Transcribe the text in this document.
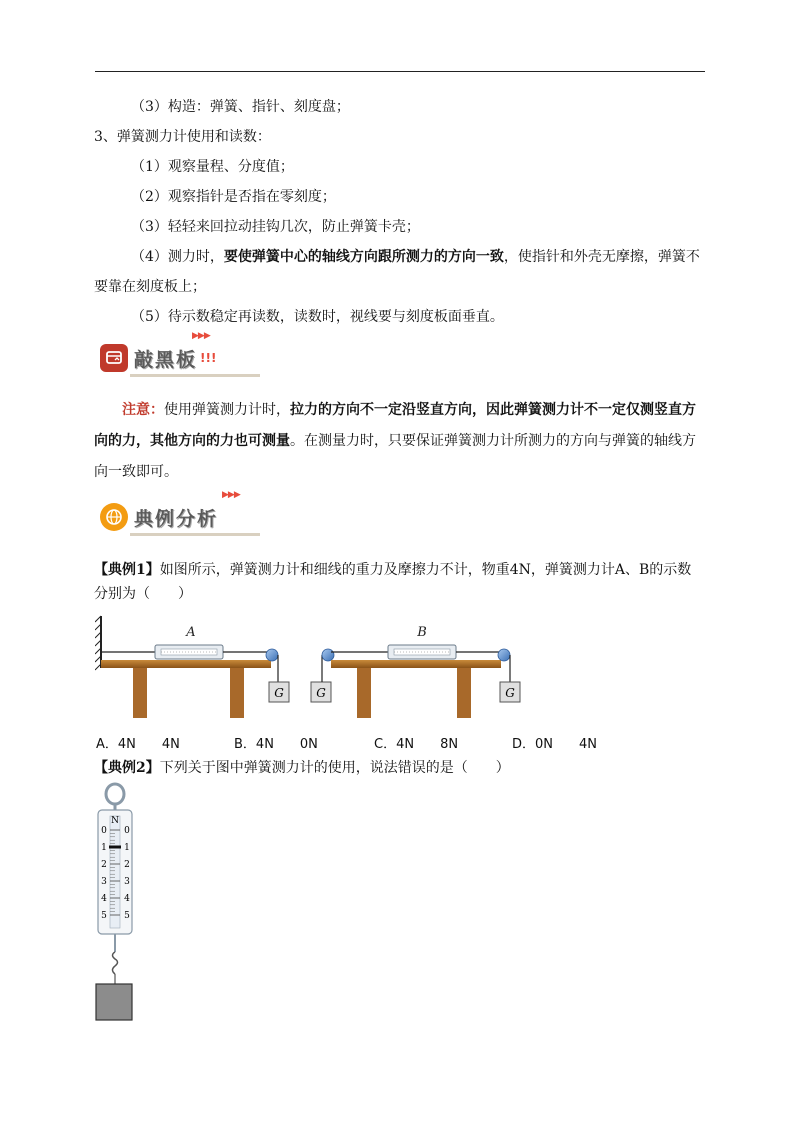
（3）构造：弹簧、指针、刻度盘；
3、弹簧测力计使用和读数：
（1）观察量程、分度值；
（2）观察指针是否指在零刻度；
（3）轻轻来回拉动挂钩几次，防止弹簧卡壳；
（4）测力时，要使弹簧中心的轴线方向跟所测力的方向一致，使指针和外壳无摩擦，弹簧不
要靠在刻度板上；
（5）待示数稳定再读数，读数时，视线要与刻度板面垂直。
敲黑板 !!!
▶▶▶
注意：使用弹簧测力计时，拉力的方向不一定沿竖直方向，因此弹簧测力计不一定仅测竖直方
向的力，其他方向的力也可测量。在测量力时，只要保证弹簧测力计所测力的方向与弹簧的轴线方
向一致即可。
典例分析
▶▶▶
【典例1】如图所示，弹簧测力计和细线的重力及摩擦力不计，物重4N，弹簧测力计A、B的示数
分别为（　　）
A
G	G
B
G
A．4N　　4N	B．4N　　0N	C．4N　　8N	D．0N　　4N
【典例2】下列关于图中弹簧测力计的使用，说法错误的是（　　）
N
0 0
1 1
2 2
3 3
4 4
5 5
